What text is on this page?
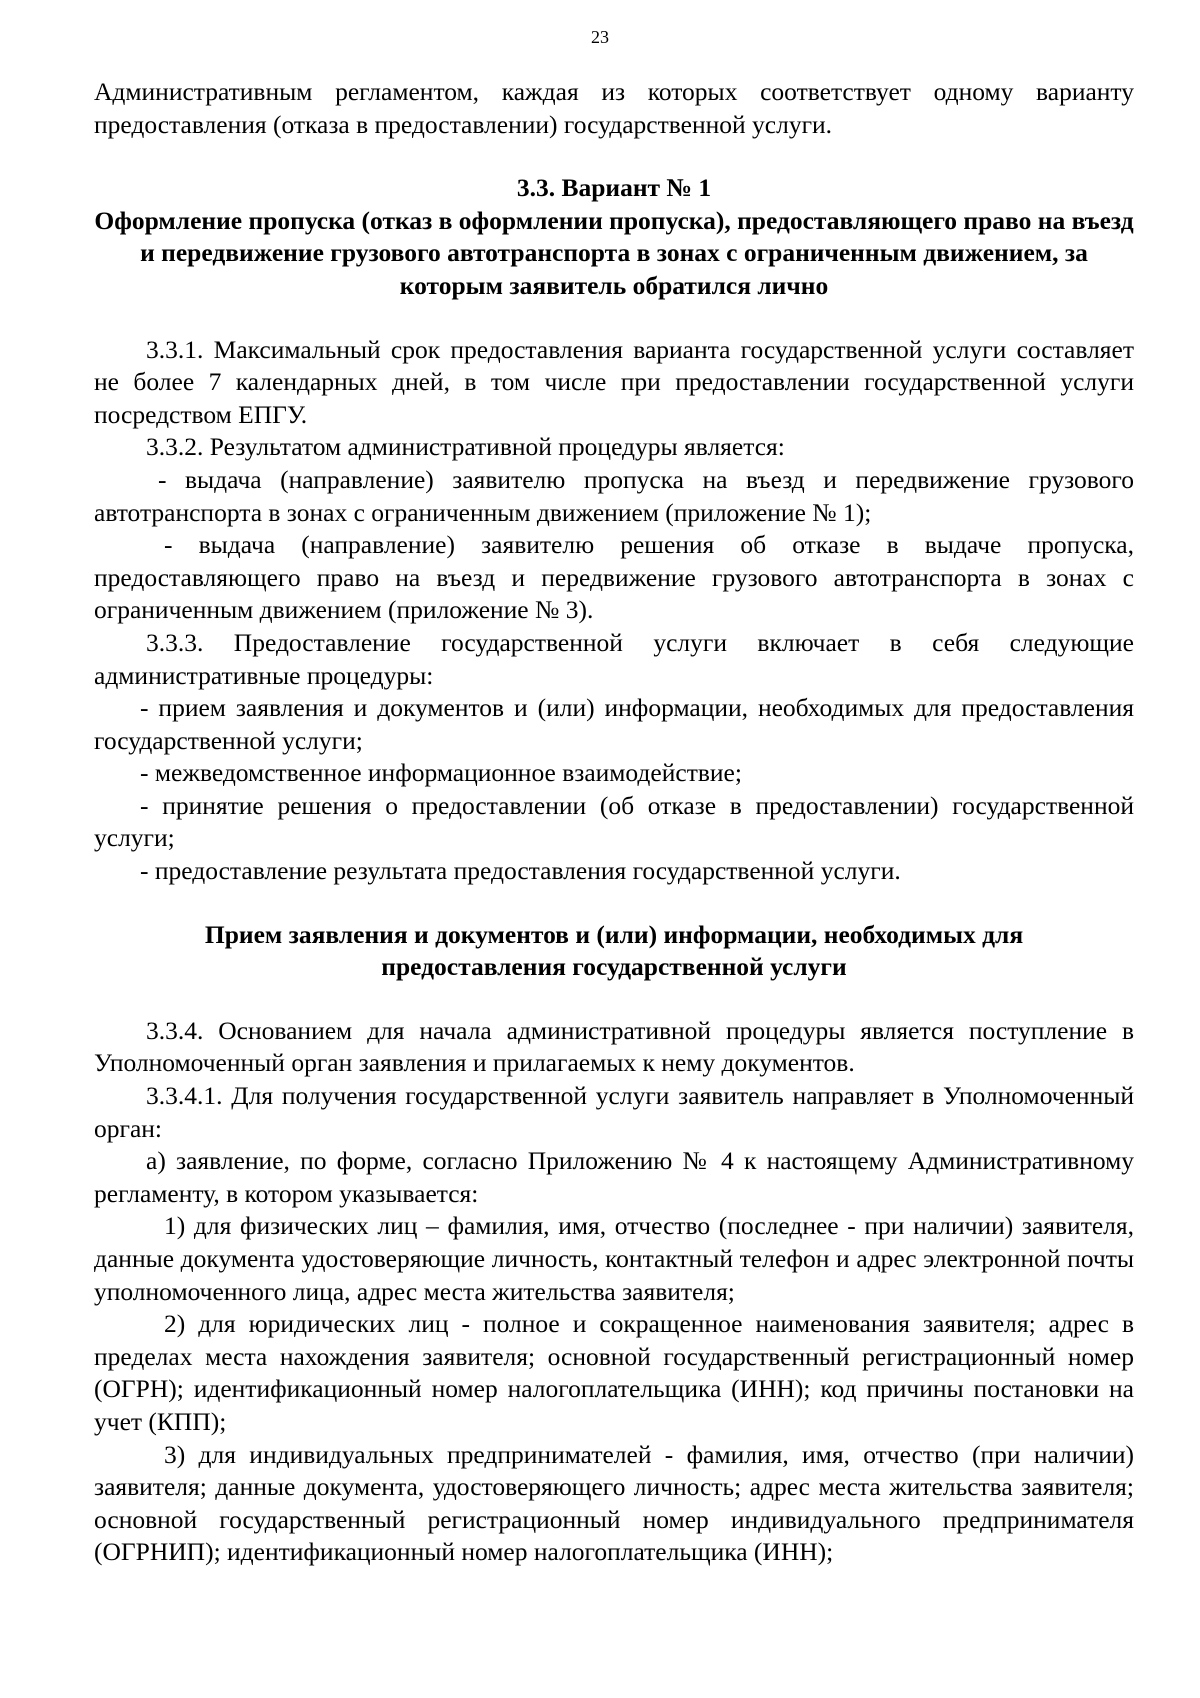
23

Административным регламентом, каждая из которых соответствует одному варианту предоставления (отказа в предоставлении) государственной услуги.

3.3. Вариант № 1

Оформление пропуска (отказ в оформлении пропуска), предоставляющего право на въезд и передвижение грузового автотранспорта в зонах с ограниченным движением, за которым заявитель обратился лично

3.3.1. Максимальный срок предоставления варианта государственной услуги составляет не более 7 календарных дней, в том числе при предоставлении государственной услуги посредством ЕПГУ.

3.3.2. Результатом административной процедуры является:

- выдача (направление) заявителю пропуска на въезд и передвижение грузового автотранспорта в зонах с ограниченным движением (приложение № 1);

- выдача (направление) заявителю решения об отказе в выдаче пропуска, предоставляющего право на въезд и передвижение грузового автотранспорта в зонах с ограниченным движением (приложение № 3).

3.3.3. Предоставление государственной услуги включает в себя следующие административные процедуры:

- прием заявления и документов и (или) информации, необходимых для предоставления государственной услуги;

- межведомственное информационное взаимодействие;

- принятие решения о предоставлении (об отказе в предоставлении) государственной услуги;

- предоставление результата предоставления государственной услуги.

Прием заявления и документов и (или) информации, необходимых для предоставления государственной услуги

3.3.4. Основанием для начала административной процедуры является поступление в Уполномоченный орган заявления и прилагаемых к нему документов.

3.3.4.1. Для получения государственной услуги заявитель направляет в Уполномоченный орган:

а) заявление, по форме, согласно Приложению № 4 к настоящему Административному регламенту, в котором указывается:

1) для физических лиц – фамилия, имя, отчество (последнее - при наличии) заявителя, данные документа удостоверяющие личность, контактный телефон и адрес электронной почты уполномоченного лица, адрес места жительства заявителя;

2) для юридических лиц - полное и сокращенное наименования заявителя; адрес в пределах места нахождения заявителя; основной государственный регистрационный номер (ОГРН); идентификационный номер налогоплательщика (ИНН); код причины постановки на учет (КПП);

3) для индивидуальных предпринимателей - фамилия, имя, отчество (при наличии) заявителя; данные документа, удостоверяющего личность; адрес места жительства заявителя; основной государственный регистрационный номер индивидуального предпринимателя (ОГРНИП); идентификационный номер налогоплательщика (ИНН);
